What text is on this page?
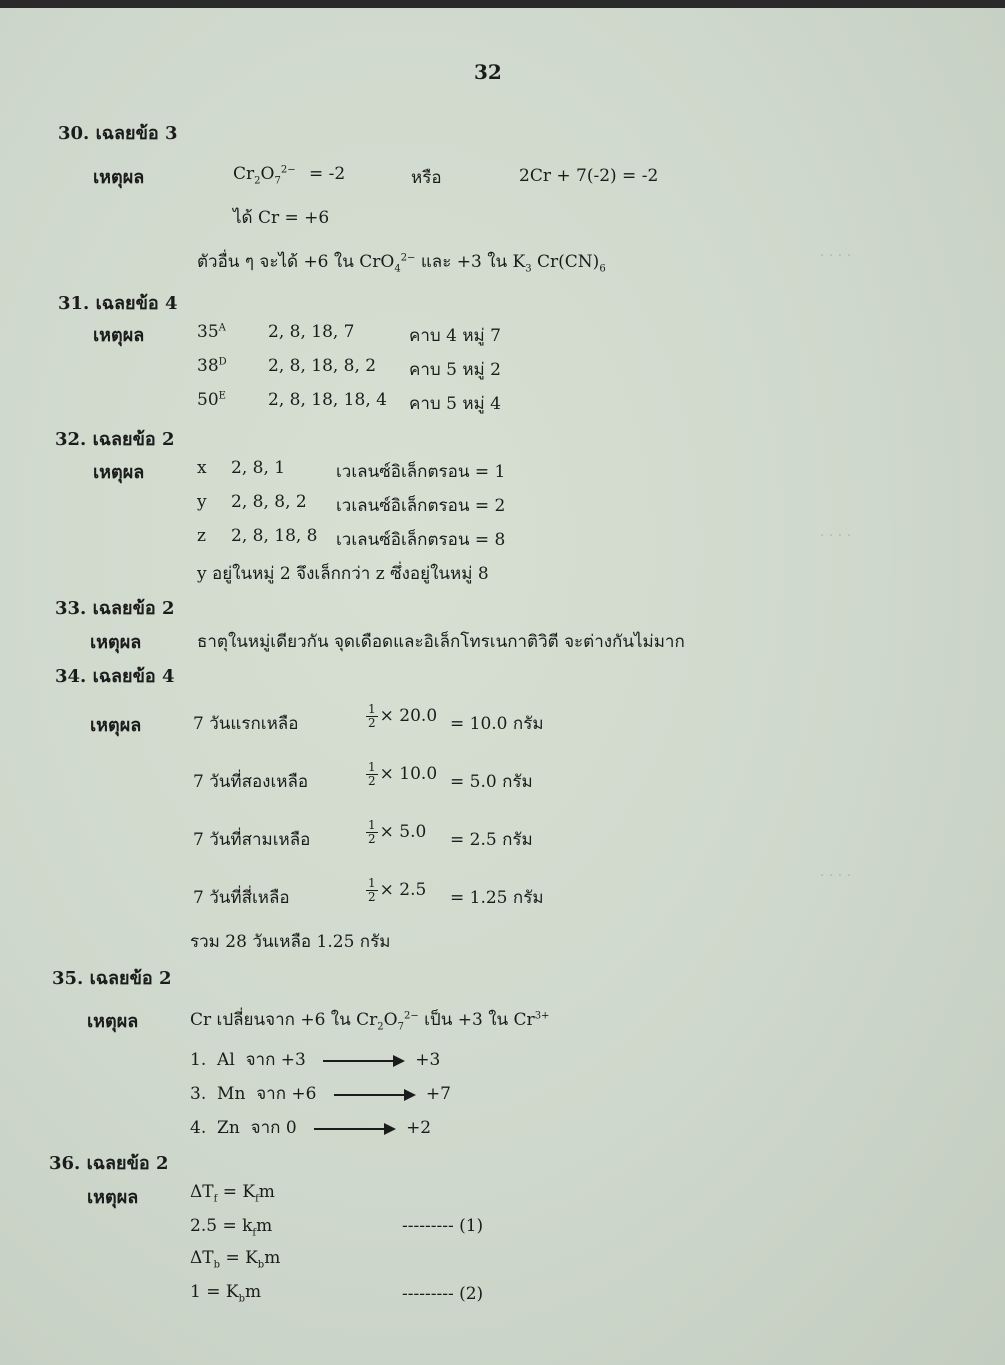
· · · ·
· · · ·
· · · ·
32
30. เฉลยข้อ 3
เหตุผล	$Cr_2O_7^{2-} = -2$	หรือ	2Cr + 7(-2) = -2
ได้ Cr = +6
ตัวอื่น ๆ จะได้ +6 ใน CrO$_4^{2-}$ และ +3 ใน $K_3$ $Cr(CN)_6$
31. เฉลยข้อ 4
เหตุผล	$35^A$ 2, 8, 18, 7	คาบ 4 หมู่ 7
$38^D$ 2, 8, 18, 8, 2 คาบ 5 หมู่ 2
$50^E$ 2, 8, 18, 18, 4 คาบ 5 หมู่ 4
32. เฉลยข้อ 2
เหตุผล	x 2, 8, 1	เวเลนซ์อิเล็กตรอน = 1
y 2, 8, 8, 2 เวเลนซ์อิเล็กตรอน = 2
z 2, 8, 18, 8 เวเลนซ์อิเล็กตรอน = 8
y อยู่ในหมู่ 2 จึงเล็กกว่า z ซึ่งอยู่ในหมู่ 8
33. เฉลยข้อ 2
เหตุผล	ธาตุในหมู่เดียวกัน จุดเดือดและอิเล็กโทรเนกาติวิตี จะต่างกันไม่มาก
34. เฉลยข้อ 4
เหตุผล	7 วันแรกเหลือ	$\frac{1}{2} \times 20.0 = 10.0$ กรัม
7 วันที่สองเหลือ	$\frac{1}{2} \times 10.0 = 5.0$ กรัม
7 วันที่สามเหลือ	$\frac{1}{2} \times 5.0 = 2.5$ กรัม
7 วันที่สี่เหลือ	$\frac{1}{2} \times 2.5 = 1.25$ กรัม
รวม 28 วันเหลือ 1.25 กรัม
35. เฉลยข้อ 2
เหตุผล	Cr เปลี่ยนจาก +6 ใน $Cr_2O_7^{2-}$ เป็น +3 ใน $Cr^{3+}$
1. Al จาก +3	+3
3. Mn จาก +6	+7
4. Zn จาก 0	+2
36. เฉลยข้อ 2
เหตุผล	$\Delta T_f = K_fm$
$2.5 = k_fm$	--------- (1)
$\Delta T_b = K_bm$
$1 = K_bm$	--------- (2)
